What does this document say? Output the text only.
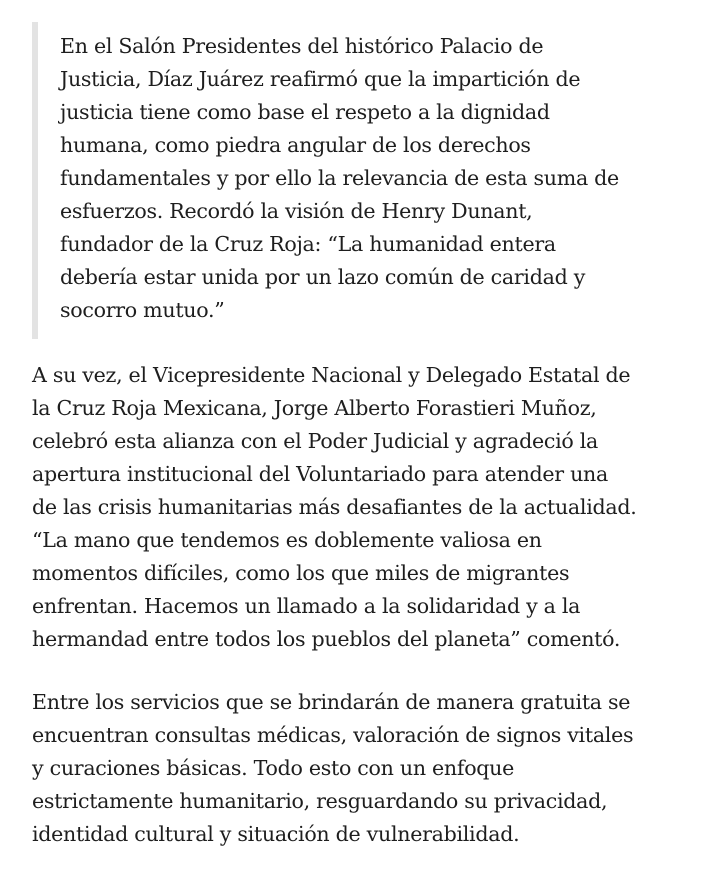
En el Salón Presidentes del histórico Palacio de
Justicia, Díaz Juárez reafirmó que la impartición de
justicia tiene como base el respeto a la dignidad
humana, como piedra angular de los derechos
fundamentales y por ello la relevancia de esta suma de
esfuerzos. Recordó la visión de Henry Dunant,
fundador de la Cruz Roja: “La humanidad entera
debería estar unida por un lazo común de caridad y
socorro mutuo.”

A su vez, el Vicepresidente Nacional y Delegado Estatal de
la Cruz Roja Mexicana, Jorge Alberto Forastieri Muñoz,
celebró esta alianza con el Poder Judicial y agradeció la
apertura institucional del Voluntariado para atender una
de las crisis humanitarias más desafiantes de la actualidad.
“La mano que tendemos es doblemente valiosa en
momentos difíciles, como los que miles de migrantes
enfrentan. Hacemos un llamado a la solidaridad y a la
hermandad entre todos los pueblos del planeta” comentó.

Entre los servicios que se brindarán de manera gratuita se
encuentran consultas médicas, valoración de signos vitales
y curaciones básicas. Todo esto con un enfoque
estrictamente humanitario, resguardando su privacidad,
identidad cultural y situación de vulnerabilidad.
